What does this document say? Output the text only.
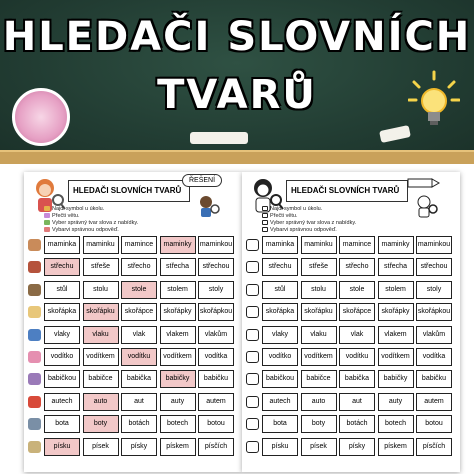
HLEDAČI SLOVNÍCH
TVARŮ
HLEDAČI SLOVNÍCH TVARŮ
ŘEŠENÍ
Najdi symbol u úkolu.
Přečti větu.
Vyber správný tvar slova z nabídky.
Vybarvi správnou odpověď.
maminka	maminku	mamince	maminky	maminkou
střechu	střeše	střecho	střecha	střechou
stůl	stolu	stole	stolem	stoly
skořápka	skořápku	skořápce	skořápky	skořápkou
vlaky	vlaku	vlak	vlakem	vlakům
vodítko	vodítkem	vodítku	vodítkem	vodítka
babičkou	babičce	babička	babičky	babičku
autech	auto	aut	auty	autem
bota	boty	botách	botech	botou
písku	písek	písky	pískem	písčích
HLEDAČI SLOVNÍCH TVARŮ
Najdi symbol u úkolu.
Přečti větu.
Vyber správný tvar slova z nabídky.
Vybarvi správnou odpověď.
maminka	maminku	mamince	maminky	maminkou
střechu	střeše	střecho	střecha	střechou
stůl	stolu	stole	stolem	stoly
skořápka	skořápku	skořápce	skořápky	skořápkou
vlaky	vlaku	vlak	vlakem	vlakům
vodítko	vodítkem	vodítku	vodítkem	vodítka
babičkou	babičce	babička	babičky	babičku
autech	auto	aut	auty	autem
bota	boty	botách	botech	botou
písku	písek	písky	pískem	písčích
